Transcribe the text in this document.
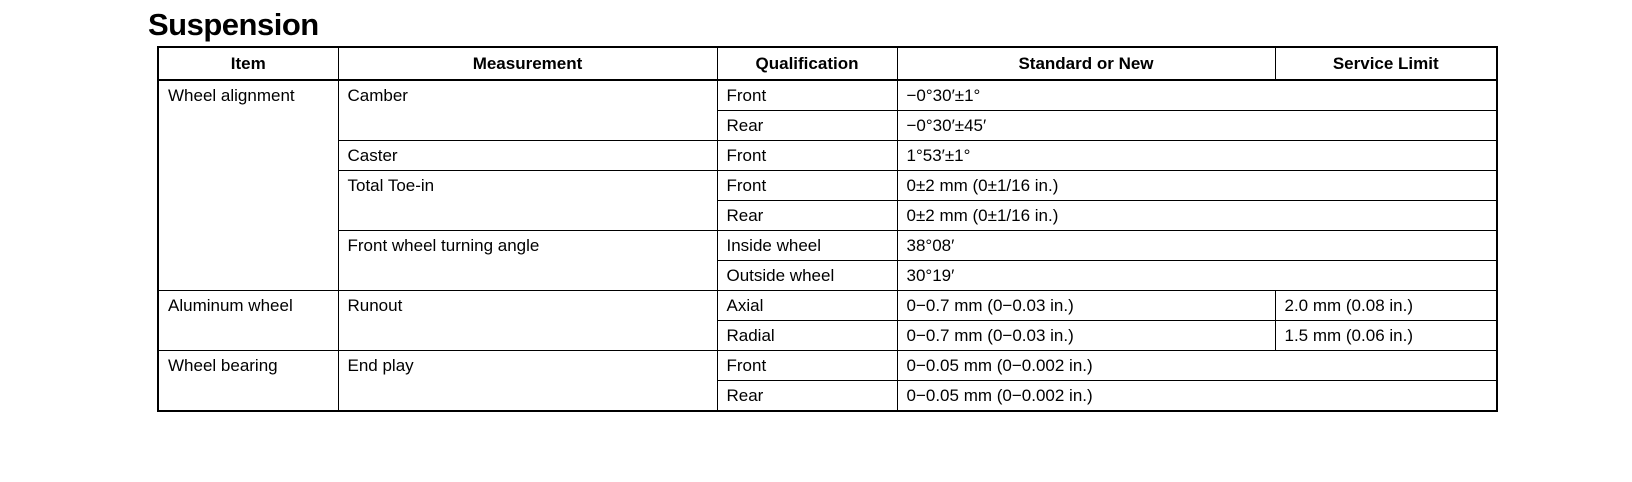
Suspension
Item	Measurement	Qualification	Standard or New	Service Limit
Wheel alignment	Camber	Front	−0°30′±1°	
		Rear	−0°30′±45′	
	Caster	Front	1°53′±1°	
	Total Toe-in	Front	0±2 mm (0±1/16 in.)	
		Rear	0±2 mm (0±1/16 in.)	
	Front wheel turning angle	Inside wheel	38°08′	
		Outside wheel	30°19′	
Aluminum wheel	Runout	Axial	0−0.7 mm (0−0.03 in.)	2.0 mm (0.08 in.)
		Radial	0−0.7 mm (0−0.03 in.)	1.5 mm (0.06 in.)
Wheel bearing	End play	Front	0−0.05 mm (0−0.002 in.)	
		Rear	0−0.05 mm (0−0.002 in.)	
